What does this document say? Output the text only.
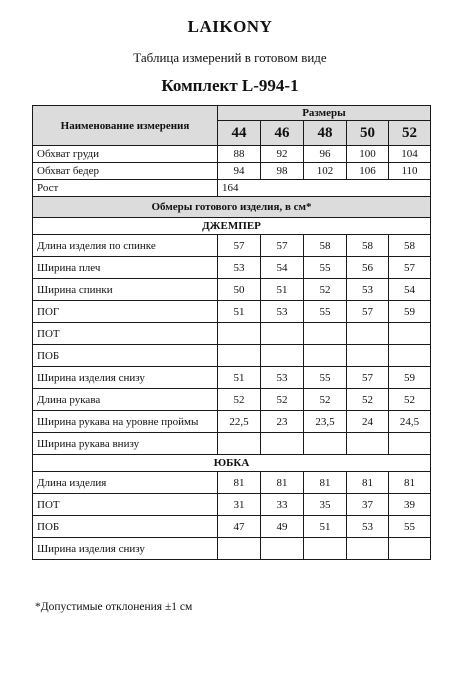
LAIKONY
Таблица измерений в готовом виде
Комплект L-994-1
Наименование измерения	Размеры				
	44	46	48	50	52
Обхват груди	88	92	96	100	104
Обхват бедер	94	98	102	106	110
Рост	164				
Обмеры готового изделия, в см*					
ДЖЕМПЕР					
Длина изделия по спинке	57	57	58	58	58
Ширина плеч	53	54	55	56	57
Ширина спинки	50	51	52	53	54
ПОГ	51	53	55	57	59
ПОТ					
ПОБ					
Ширина изделия снизу	51	53	55	57	59
Длина рукава	52	52	52	52	52
Ширина рукава на уровне проймы	22,5	23	23,5	24	24,5
Ширина рукава внизу					
ЮБКА					
Длина изделия	81	81	81	81	81
ПОТ	31	33	35	37	39
ПОБ	47	49	51	53	55
Ширина изделия снизу					
*Допустимые отклонения ±1 см
